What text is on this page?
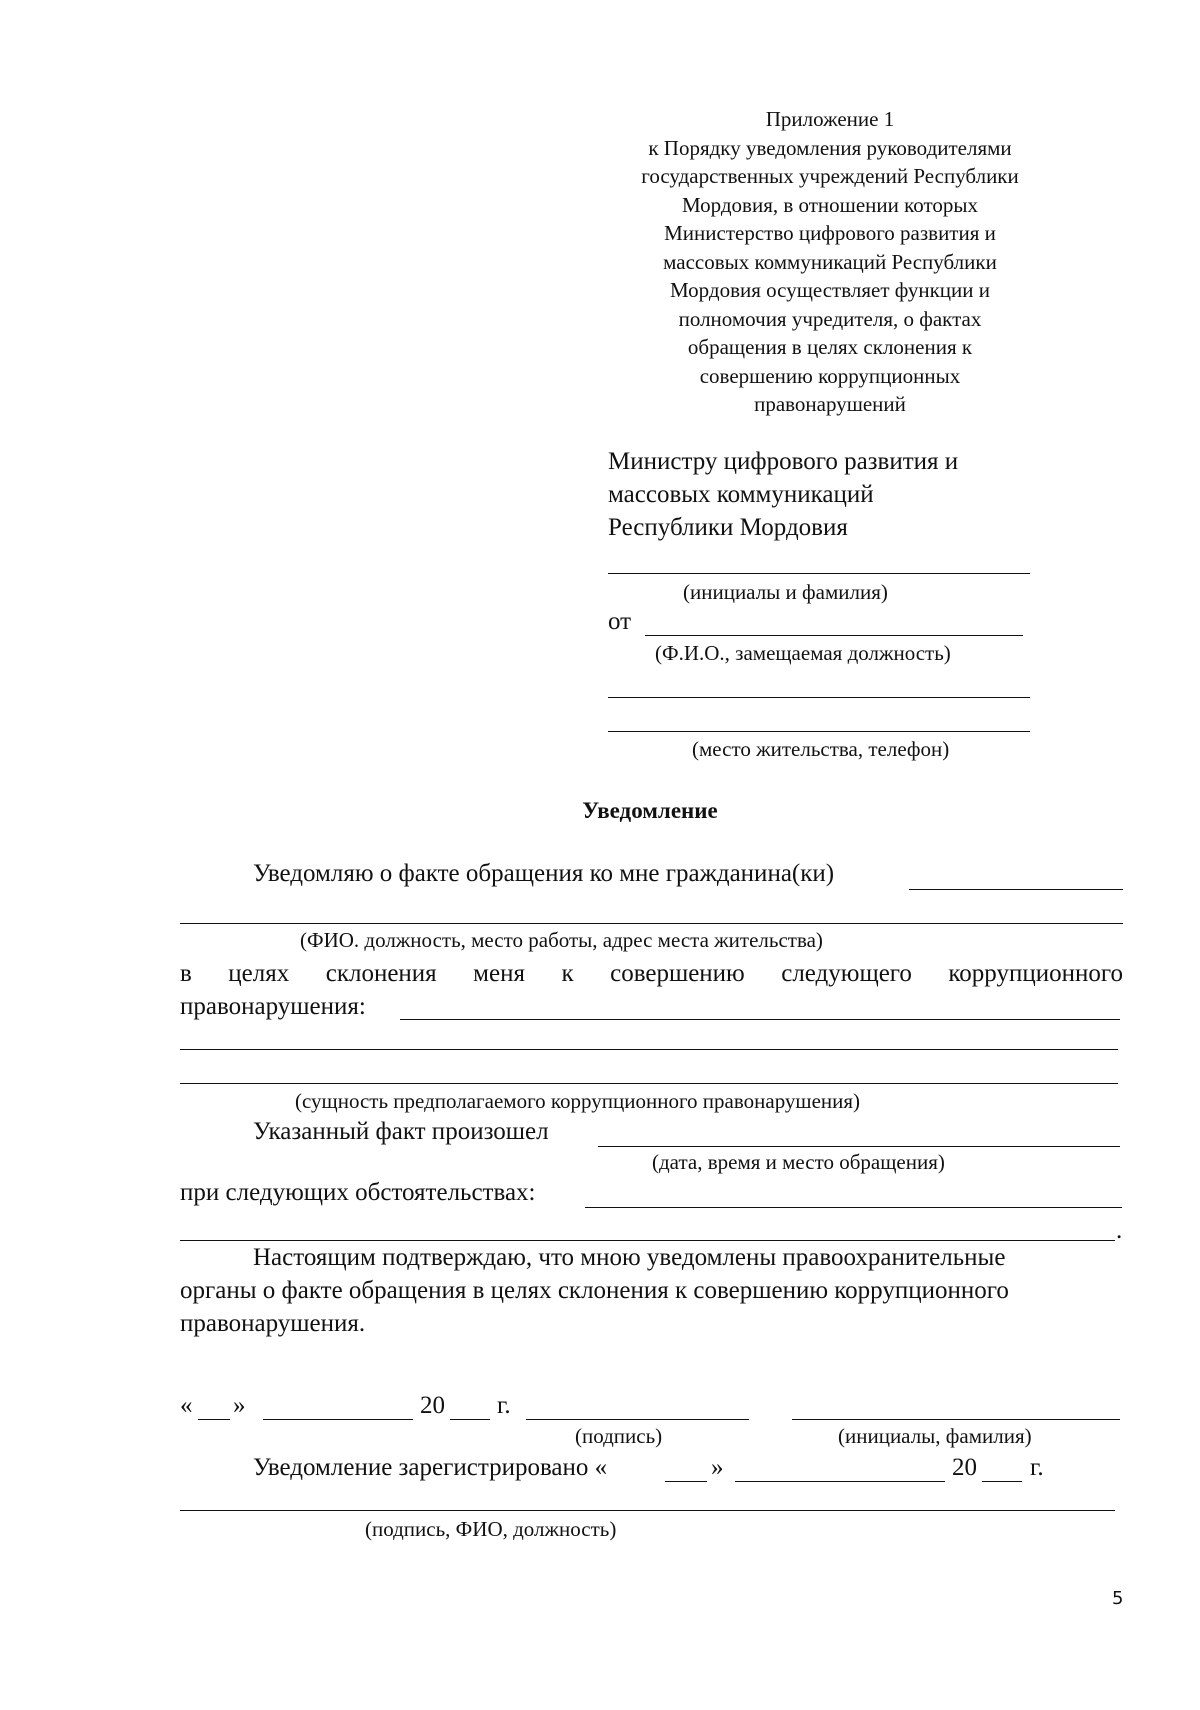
Приложение 1
к Порядку уведомления руководителями
государственных учреждений Республики
Мордовия, в отношении которых
Министерство цифрового развития и
массовых коммуникаций Республики
Мордовия осуществляет функции и
полномочия учредителя, о фактах
обращения в целях склонения к
совершению коррупционных
правонарушений
Министру цифрового развития и
массовых коммуникаций
Республики Мордовия
(инициалы и фамилия)
от
(Ф.И.О., замещаемая должность)
(место жительства, телефон)
Уведомление
Уведомляю о факте обращения ко мне гражданина(ки)
(ФИО. должность, место работы, адрес места жительства)
в целях склонения меня к совершению следующего коррупционного
правонарушения:
(сущность предполагаемого коррупционного правонарушения)
Указанный факт произошел
(дата, время и место обращения)
при следующих обстоятельствах:
.
Настоящим подтверждаю, что мною уведомлены правоохранительные
органы о факте обращения в целях склонения к совершению коррупционного
правонарушения.
« »	20 г.
(подпись)	(инициалы, фамилия)
Уведомление зарегистрировано «	»	20 г.
(подпись, ФИО, должность)
5
